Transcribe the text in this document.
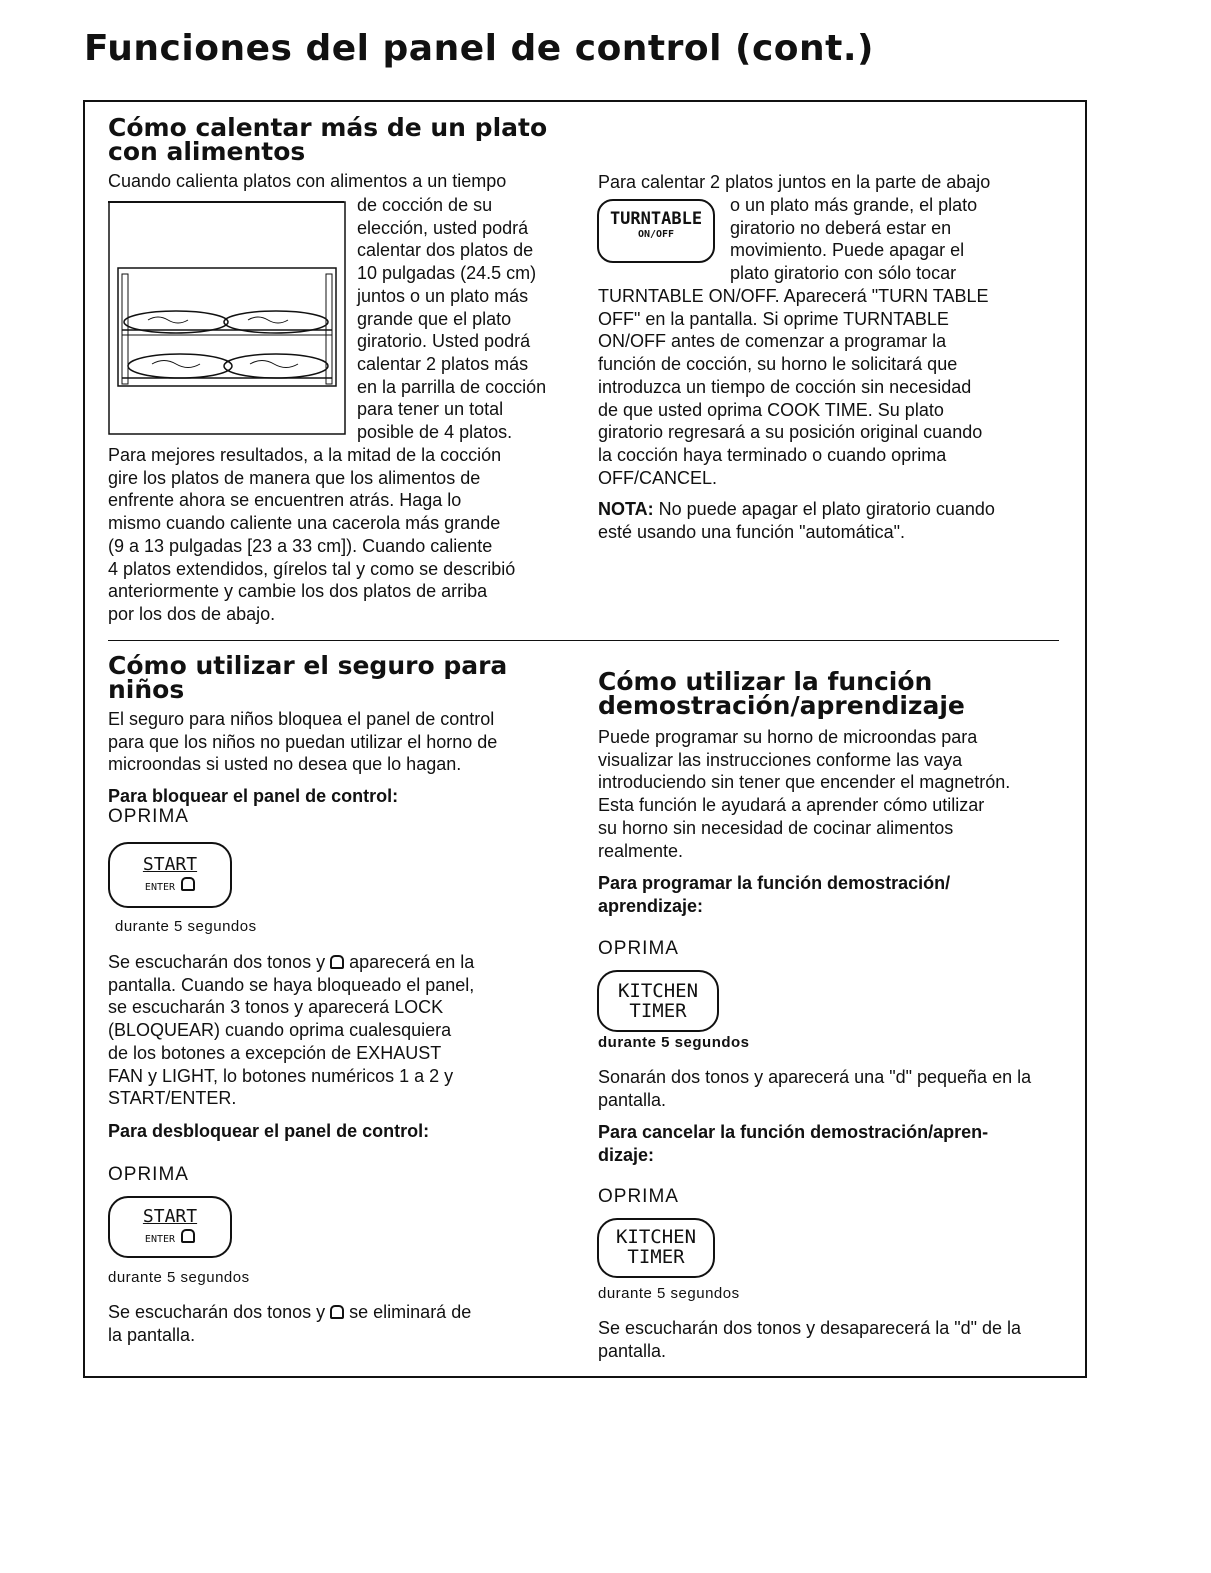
Funciones del panel de control (cont.)
Cómo calentar más de un plato con alimentos

Cuando calienta platos con alimentos a un tiempo

de cocción de su

elección, usted podrá

calentar dos platos de

10 pulgadas (24.5 cm)

juntos o un plato más

grande que el plato

giratorio. Usted podrá

calentar 2 platos más

en la parrilla de cocción

para tener un total

posible de 4 platos.

Para mejores resultados, a la mitad de la cocción

gire los platos de manera que los alimentos de

enfrente ahora se encuentren atrás. Haga lo

mismo cuando caliente una cacerola más grande

(9 a 13 pulgadas [23 a 33 cm]). Cuando caliente

4 platos extendidos, gírelos tal y como se describió

anteriormente y cambie los dos platos de arriba

por los dos de abajo.

Para calentar 2 platos juntos en la parte de abajo

TURNTABLE
ON/OFF

o un plato más grande, el plato

giratorio no deberá estar en

movimiento. Puede apagar el

plato giratorio con sólo tocar

TURNTABLE ON/OFF. Aparecerá "TURN TABLE

OFF" en la pantalla. Si oprime TURNTABLE

ON/OFF antes de comenzar a programar la

función de cocción, su horno le solicitará que

introduzca un tiempo de cocción sin necesidad

de que usted oprima COOK TIME. Su plato

giratorio regresará a su posición original cuando

la cocción haya terminado o cuando oprima

OFF/CANCEL.

NOTA: No puede apagar el plato giratorio cuando

esté usando una función "automática".

Cómo utilizar el seguro para niños

El seguro para niños bloquea el panel de control

para que los niños no puedan utilizar el horno de

microondas si usted no desea que lo hagan.

Para bloquear el panel de control:

OPRIMA
START
ENTER
durante 5 segundos

Se escucharán dos tonos y  aparecerá en la

pantalla. Cuando se haya bloqueado el panel,

se escucharán 3 tonos y aparecerá LOCK

(BLOQUEAR) cuando oprima cualesquiera

de los botones a excepción de EXHAUST

FAN y LIGHT, lo botones numéricos 1 a 2 y

START/ENTER.

Para desbloquear el panel de control:

OPRIMA
START
ENTER
durante 5 segundos

Se escucharán dos tonos y  se eliminará de

la pantalla.

Cómo utilizar la función demostración/aprendizaje

Puede programar su horno de microondas para

visualizar las instrucciones conforme las vaya

introduciendo sin tener que encender el magnetrón.

Esta función le ayudará a aprender cómo utilizar

su horno sin necesidad de cocinar alimentos

realmente.

Para programar la función demostración/ aprendizaje:

OPRIMA
KITCHEN
TIMER
durante 5 segundos

Sonarán dos tonos y aparecerá una "d" pequeña en la pantalla.

Para cancelar la función demostración/apren-dizaje:

OPRIMA
KITCHEN
TIMER
durante 5 segundos

Se escucharán dos tonos y desaparecerá la "d" de la pantalla.
